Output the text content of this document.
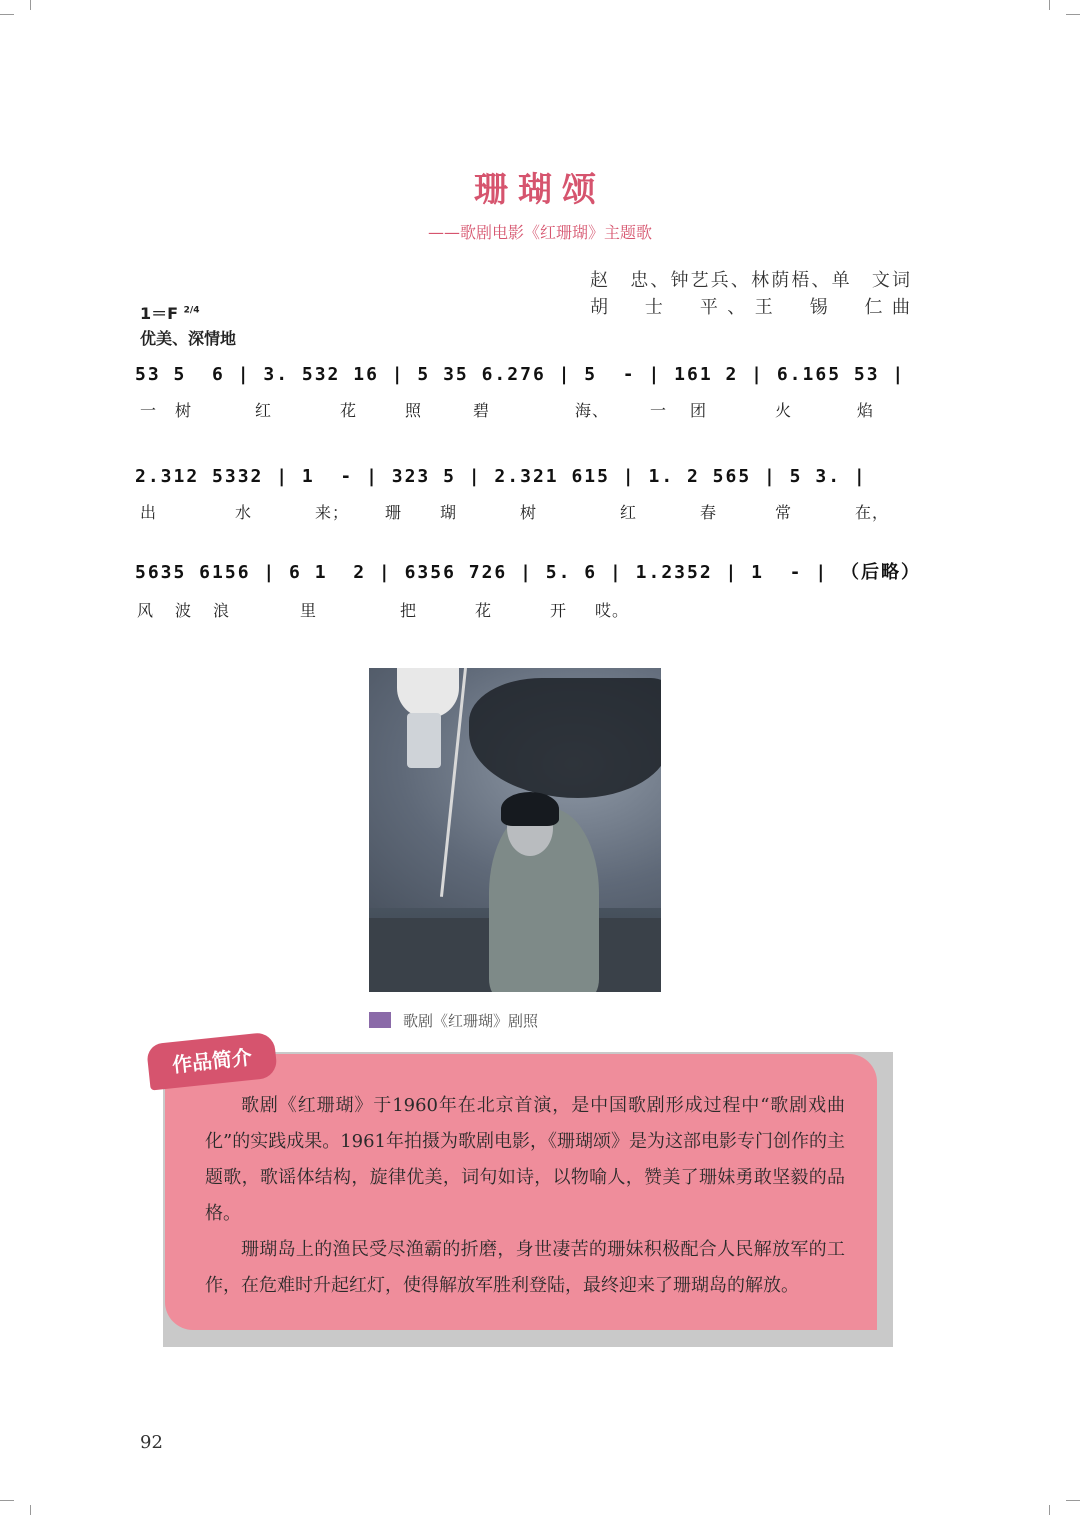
珊瑚颂
——歌剧电影《红珊瑚》主题歌
赵　忠、钟艺兵、林荫梧、单　文词
胡　士　平、王　锡　仁曲
1＝F $^{2/4}$
优美、深情地
53 5  6 | 3. 532 16 | 5 35 6.276 | 5  - | 161 2 | 6.165 53 |
一 树	红	花	照	碧	海、	一 团	火	焰
2.312 5332 | 1  - | 323 5 | 2.321 615 | 1. 2 565 | 5 3. |
出	水	来； 珊 瑚	树	红	春	常	在，
5635 6156 | 6 1  2 | 6356 726 | 5. 6 | 1.2352 | 1  - | （后略）
风 波 浪	里	把	花	开 哎。
歌剧《红珊瑚》剧照

歌剧《红珊瑚》于1960年在北京首演，是中国歌剧形成过程中“歌剧戏曲化”的实践成果。1961年拍摄为歌剧电影，《珊瑚颂》是为这部电影专门创作的主题歌，歌谣体结构，旋律优美，词句如诗，以物喻人，赞美了珊妹勇敢坚毅的品格。

珊瑚岛上的渔民受尽渔霸的折磨，身世凄苦的珊妹积极配合人民解放军的工作，在危难时升起红灯，使得解放军胜利登陆，最终迎来了珊瑚岛的解放。

作品简介
92
